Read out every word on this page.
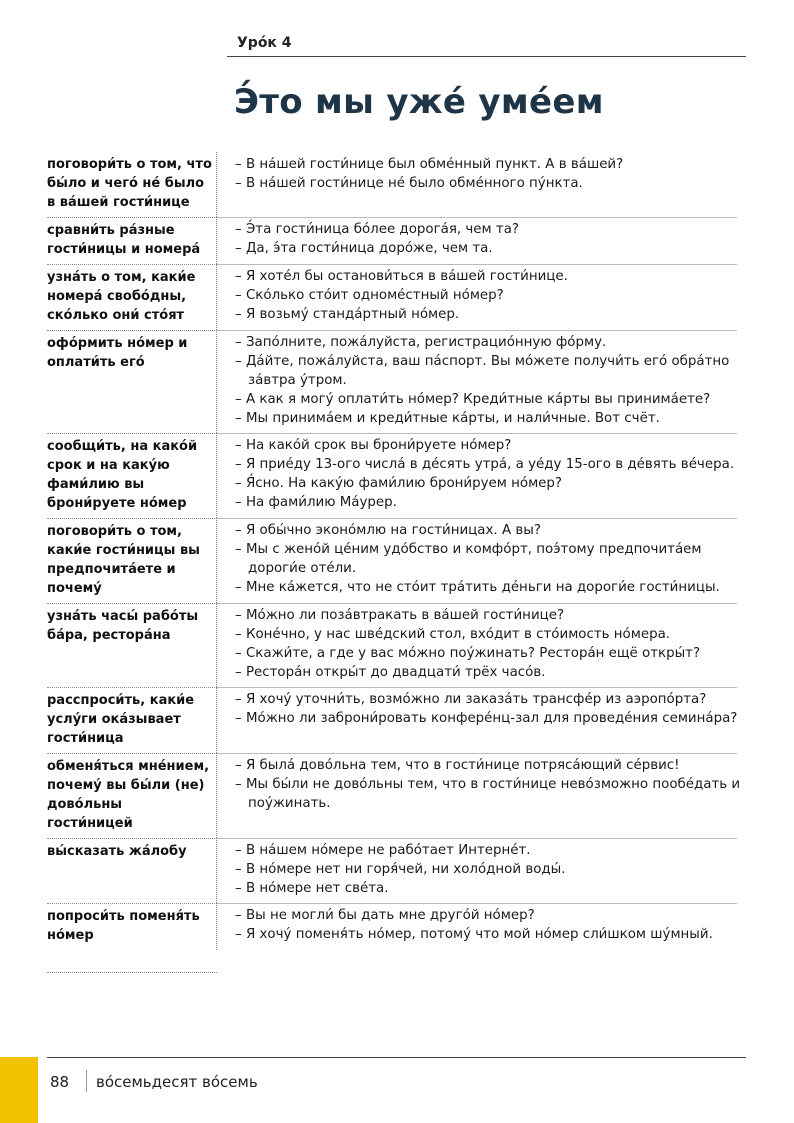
Уро́к 4
Э́то мы уже́ уме́ем
поговори́ть о том, что бы́ло и чего́ не́ было в ва́шей гости́нице
– В на́шей гости́нице был обме́нный пункт. А в ва́шей?
– В на́шей гости́нице не́ было обме́нного пу́нкта.
сравни́ть ра́зные гости́ницы и номера́
– Э́та гости́ница бо́лее дорога́я, чем та?
– Да, э́та гости́ница доро́же, чем та.
узна́ть о том, каки́е номера́ свобо́дны, ско́лько они́ сто́ят
– Я хоте́л бы останови́ться в ва́шей гости́нице.
– Ско́лько сто́ит одноме́стный но́мер?
– Я возьму́ станда́ртный но́мер.
офо́рмить но́мер и оплати́ть его́
– Запо́лните, пожа́луйста, регистрацио́нную фо́рму.
– Да́йте, пожа́луйста, ваш па́спорт. Вы мо́жете получи́ть его́ обра́тно за́втра у́тром.
– А как я могу́ оплати́ть но́мер? Креди́тные ка́рты вы принима́ете?
– Мы принима́ем и креди́тные ка́рты, и нали́чные. Вот счёт.
сообщи́ть, на како́й срок и на каку́ю фами́лию вы брони́руете но́мер
– На како́й срок вы брони́руете но́мер?
– Я прие́ду 13-ого числа́ в де́сять утра́, а уе́ду 15-ого в де́вять ве́чера.
– Я́сно. На каку́ю фами́лию брони́руем но́мер?
– На фами́лию Ма́урер.
поговори́ть о том, каки́е гости́ницы вы предпочита́ете и почему́
– Я обы́чно эконо́млю на гости́ницах. А вы?
– Мы с жено́й це́ним удо́бство и комфо́рт, поэ́тому предпочита́ем дороги́е оте́ли.
– Мне ка́жется, что не сто́ит тра́тить де́ньги на дороги́е гости́ницы.
узна́ть часы́ рабо́ты ба́ра, рестора́на
– Мо́жно ли поза́втракать в ва́шей гости́нице?
– Коне́чно, у нас шве́дский стол, вхо́дит в сто́имость но́мера.
– Скажи́те, а где у вас мо́жно поу́жинать? Рестора́н ещё откры́т?
– Рестора́н откры́т до двадцати́ трёх часо́в.
расспроси́ть, каки́е услу́ги ока́зывает гости́ница
– Я хочу́ уточни́ть, возмо́жно ли заказа́ть трансфе́р из аэропо́рта?
– Мо́жно ли заброни́ровать конфере́нц-зал для проведе́ния семина́ра?
обменя́ться мне́нием, почему́ вы бы́ли (не) дово́льны гости́ницей
– Я была́ дово́льна тем, что в гости́нице потряса́ющий се́рвис!
– Мы бы́ли не дово́льны тем, что в гости́нице нево́зможно пообе́дать и поу́жинать.
вы́сказать жа́лобу	– В на́шем но́мере не рабо́тает Интерне́т.
– В но́мере нет ни горя́чей, ни холо́дной воды́.
– В но́мере нет све́та.
попроси́ть поменя́ть но́мер
– Вы не могли́ бы дать мне друго́й но́мер?
– Я хочу́ поменя́ть но́мер, потому́ что мой но́мер сли́шком шу́мный.
88 во́семьдесят во́семь
